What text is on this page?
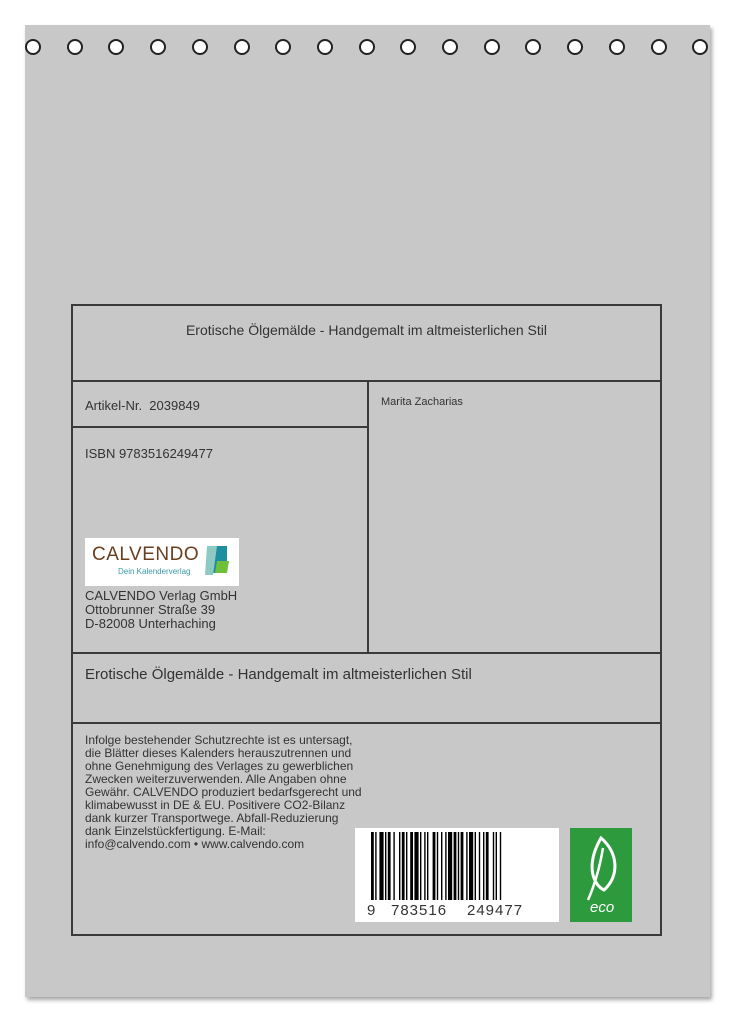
Erotische Ölgemälde - Handgemalt im altmeisterlichen Stil
Artikel-Nr. 2039849	Marita Zacharias
ISBN 9783516249477
CALVENDO
Dein Kalenderverlag
CALVENDO Verlag GmbH
Ottobrunner Straße 39
D-82008 Unterhaching
Erotische Ölgemälde - Handgemalt im altmeisterlichen Stil
Infolge bestehender Schutzrechte ist es untersagt, die Blätter dieses Kalenders herauszutrennen und ohne Genehmigung des Verlages zu gewerblichen Zwecken weiterzuverwenden. Alle Angaben ohne Gewähr. CALVENDO produziert bedarfsgerecht und klimabewusst in DE & EU. Positivere CO2-Bilanz dank kurzer Transportwege. Abfall-Reduzierung dank Einzelstückfertigung. E-Mail: info@calvendo.com • www.calvendo.com
9 783516 249477	eco
